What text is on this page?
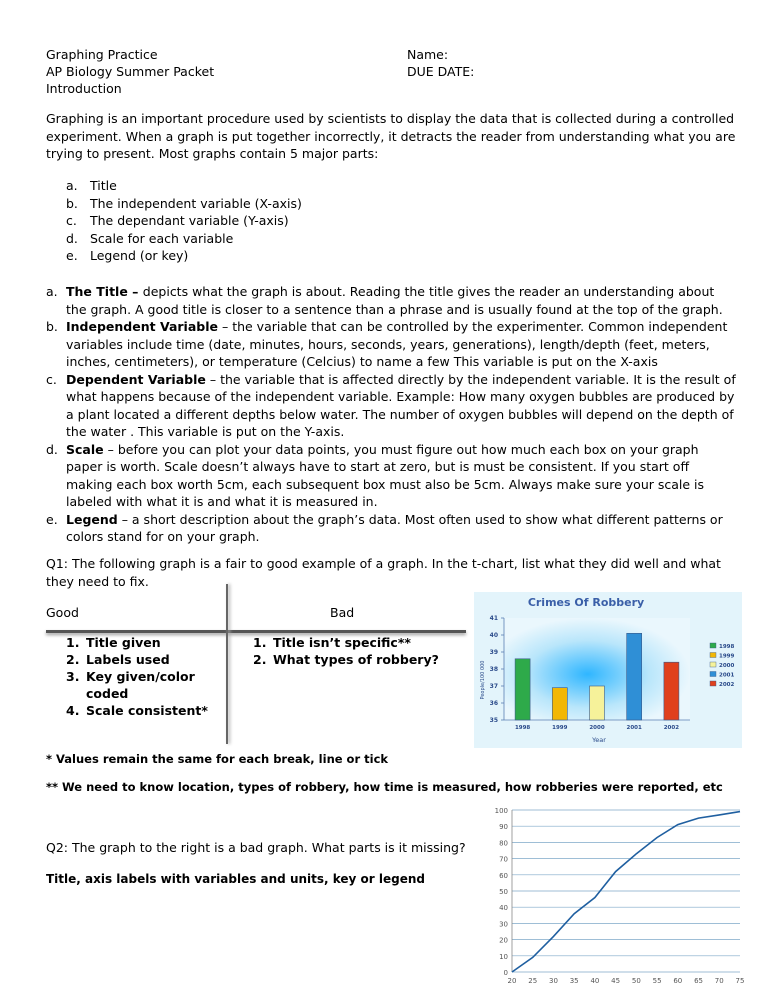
Graphing Practice
AP Biology Summer Packet
Introduction
Name:
DUE DATE:
Graphing is an important procedure used by scientists to display the data that is collected during a controlled experiment. When a graph is put together incorrectly, it detracts the reader from understanding what you are trying to present. Most graphs contain 5 major parts:
a. Title
b. The independent variable (X-axis)
c. The dependant variable (Y-axis)
d. Scale for each variable
e. Legend (or key)
a. The Title – depicts what the graph is about. Reading the title gives the reader an understanding about the graph. A good title is closer to a sentence than a phrase and is usually found at the top of the graph.
b. Independent Variable – the variable that can be controlled by the experimenter. Common independent variables include time (date, minutes, hours, seconds, years, generations), length/depth (feet, meters, inches, centimeters), or temperature (Celcius) to name a few This variable is put on the X-axis
c. Dependent Variable – the variable that is affected directly by the independent variable. It is the result of what happens because of the independent variable. Example: How many oxygen bubbles are produced by a plant located a different depths below water. The number of oxygen bubbles will depend on the depth of the water . This variable is put on the Y-axis.
d. Scale – before you can plot your data points, you must figure out how much each box on your graph paper is worth. Scale doesn’t always have to start at zero, but is must be consistent. If you start off making each box worth 5cm, each subsequent box must also be 5cm. Always make sure your scale is labeled with what it is and what it is measured in.
e. Legend – a short description about the graph’s data. Most often used to show what different patterns or colors stand for on your graph.
Q1: The following graph is a fair to good example of a graph. In the t-chart, list what they did well and what they need to fix.
Good	Bad
1. Title given
2. Labels used
3. Key given/color coded
4. Scale consistent*
1. Title isn’t specific**
2. What types of robbery?
Crimes Of Robbery
People/100 000
Year
35
36
37
38
39
40
41
1998	1999	2000	2001	2002
1998
1999
2000
2001
2002
* Values remain the same for each break, line or tick
** We need to know location, types of robbery, how time is measured, how robberies were reported, etc
Q2: The graph to the right is a bad graph. What parts is it missing?
Title, axis labels with variables and units, key or legend
0
10
20
30
40
50
60
70
80
90
100
20 25 30 35 40 45 50 55 60 65 70 75
